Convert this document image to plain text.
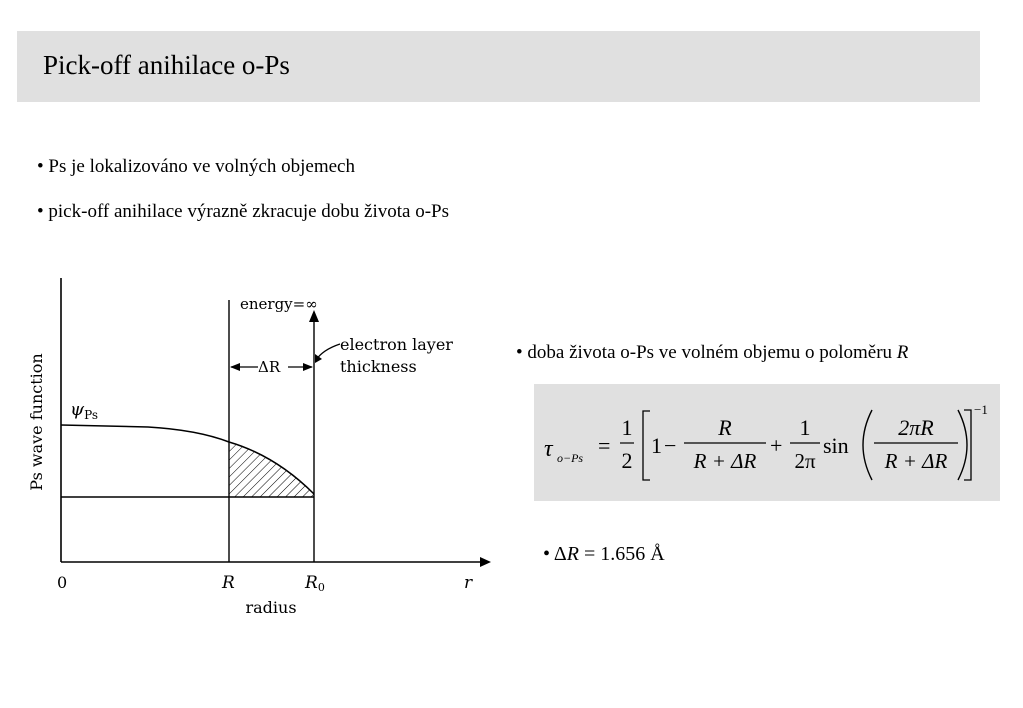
Pick-off anihilace o-Ps
• Ps je lokalizováno ve volných objemech
• pick-off anihilace výrazně zkracuje dobu života o-Ps
• doba života o-Ps ve volném objemu o poloměru R
• ΔR = 1.656 Å
Ps wave function $\psi_{Ps}$
energy=∞
ΔR
electron layer
thickness
0	R	R0	r
radius
τ o−Ps =
1
2
1 −
R
R + ΔR
+
1
2π
sin
2πR
R + ΔR
−1
